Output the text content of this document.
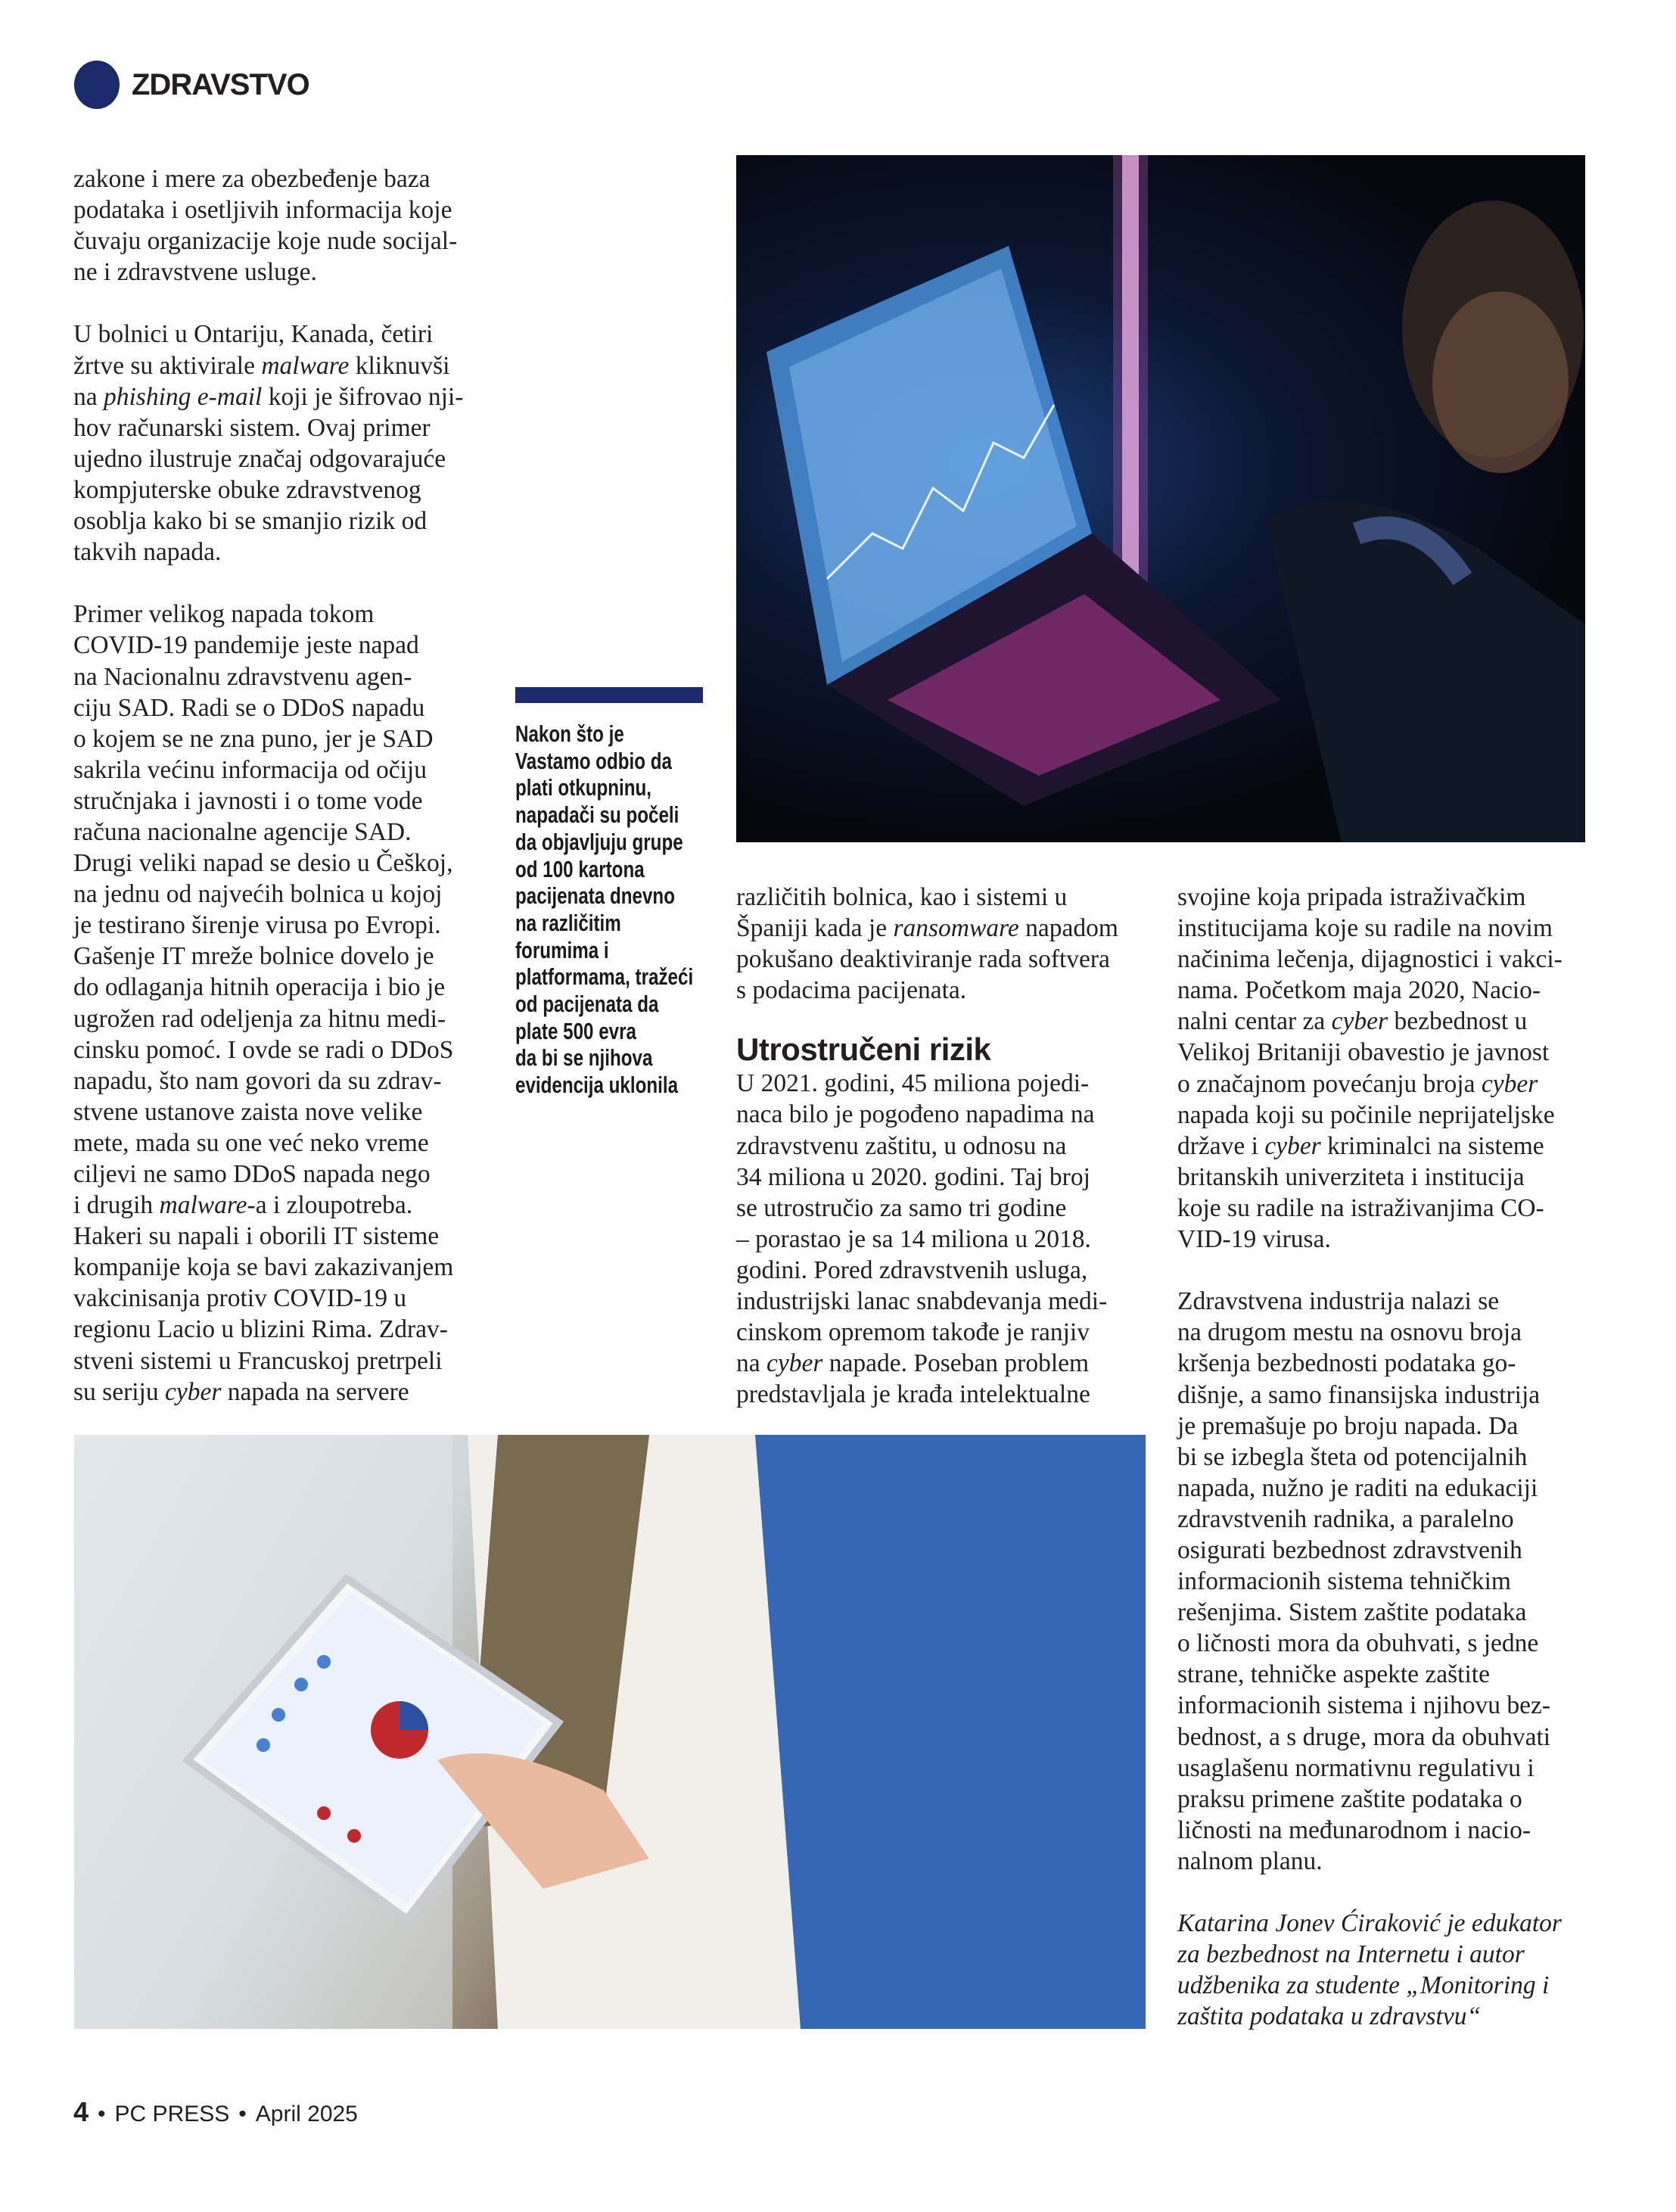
ZDRAVSTVO
zakone i mere za obezbeđenje baza
podataka i osetljivih informacija koje
čuvaju organizacije koje nude socijal-
ne i zdravstvene usluge.
U bolnici u Ontariju, Kanada, četiri
žrtve su aktivirale malware kliknuvši
na phishing e-mail koji je šifrovao nji-
hov računarski sistem. Ovaj primer
ujedno ilustruje značaj odgovarajuće
kompjuterske obuke zdravstvenog
osoblja kako bi se smanjio rizik od
takvih napada.
Primer velikog napada tokom
COVID-19 pandemije jeste napad
na Nacionalnu zdravstvenu agen-
ciju SAD. Radi se o DDoS napadu
o kojem se ne zna puno, jer je SAD
sakrila većinu informacija od očiju
stručnjaka i javnosti i o tome vode
računa nacionalne agencije SAD.
Drugi veliki napad se desio u Češkoj,
na jednu od najvećih bolnica u kojoj
je testirano širenje virusa po Evropi.
Gašenje IT mreže bolnice dovelo je
do odlaganja hitnih operacija i bio je
ugrožen rad odeljenja za hitnu medi-
cinsku pomoć. I ovde se radi o DDoS
napadu, što nam govori da su zdrav-
stvene ustanove zaista nove velike
mete, mada su one već neko vreme
ciljevi ne samo DDoS napada nego
i drugih malware-a i zloupotreba.
Hakeri su napali i oborili IT sisteme
kompanije koja se bavi zakazivanjem
vakcinisanja protiv COVID-19 u
regionu Lacio u blizini Rima. Zdrav-
stveni sistemi u Francuskoj pretrpeli
su seriju cyber napada na servere
Nakon što je
Vastamo odbio da
plati otkupninu,
napadači su počeli
da objavljuju grupe
od 100 kartona
pacijenata dnevno
na različitim
forumima i
platformama, tražeći
od pacijenata da
plate 500 evra
da bi se njihova
evidencija uklonila
različitih bolnica, kao i sistemi u
Španiji kada je ransomware napadom
pokušano deaktiviranje rada softvera
s podacima pacijenata.
Utrostručeni rizik
U 2021. godini, 45 miliona pojedi-
naca bilo je pogođeno napadima na
zdravstvenu zaštitu, u odnosu na
34 miliona u 2020. godini. Taj broj
se utrostručio za samo tri godine
– porastao je sa 14 miliona u 2018.
godini. Pored zdravstvenih usluga,
industrijski lanac snabdevanja medi-
cinskom opremom takođe je ranjiv
na cyber napade. Poseban problem
predstavljala je krađa intelektualne
svojine koja pripada istraživačkim
institucijama koje su radile na novim
načinima lečenja, dijagnostici i vakci-
nama. Početkom maja 2020, Nacio-
nalni centar za cyber bezbednost u
Velikoj Britaniji obavestio je javnost
o značajnom povećanju broja cyber
napada koji su počinile neprijateljske
države i cyber kriminalci na sisteme
britanskih univerziteta i institucija
koje su radile na istraživanjima CO-
VID-19 virusa.
Zdravstvena industrija nalazi se
na drugom mestu na osnovu broja
kršenja bezbednosti podataka go-
dišnje, a samo finansijska industrija
je premašuje po broju napada. Da
bi se izbegla šteta od potencijalnih
napada, nužno je raditi na edukaciji
zdravstvenih radnika, a paralelno
osigurati bezbednost zdravstvenih
informacionih sistema tehničkim
rešenjima. Sistem zaštite podataka
o ličnosti mora da obuhvati, s jedne
strane, tehničke aspekte zaštite
informacionih sistema i njihovu bez-
bednost, a s druge, mora da obuhvati
usaglašenu normativnu regulativu i
praksu primene zaštite podataka o
ličnosti na međunarodnom i nacio-
nalnom planu.
Katarina Jonev Ćiraković je edukator
za bezbednost na Internetu i autor
udžbenika za studente „Monitoring i
zaštita podataka u zdravstvu“
4 • PC PRESS • April 2025
